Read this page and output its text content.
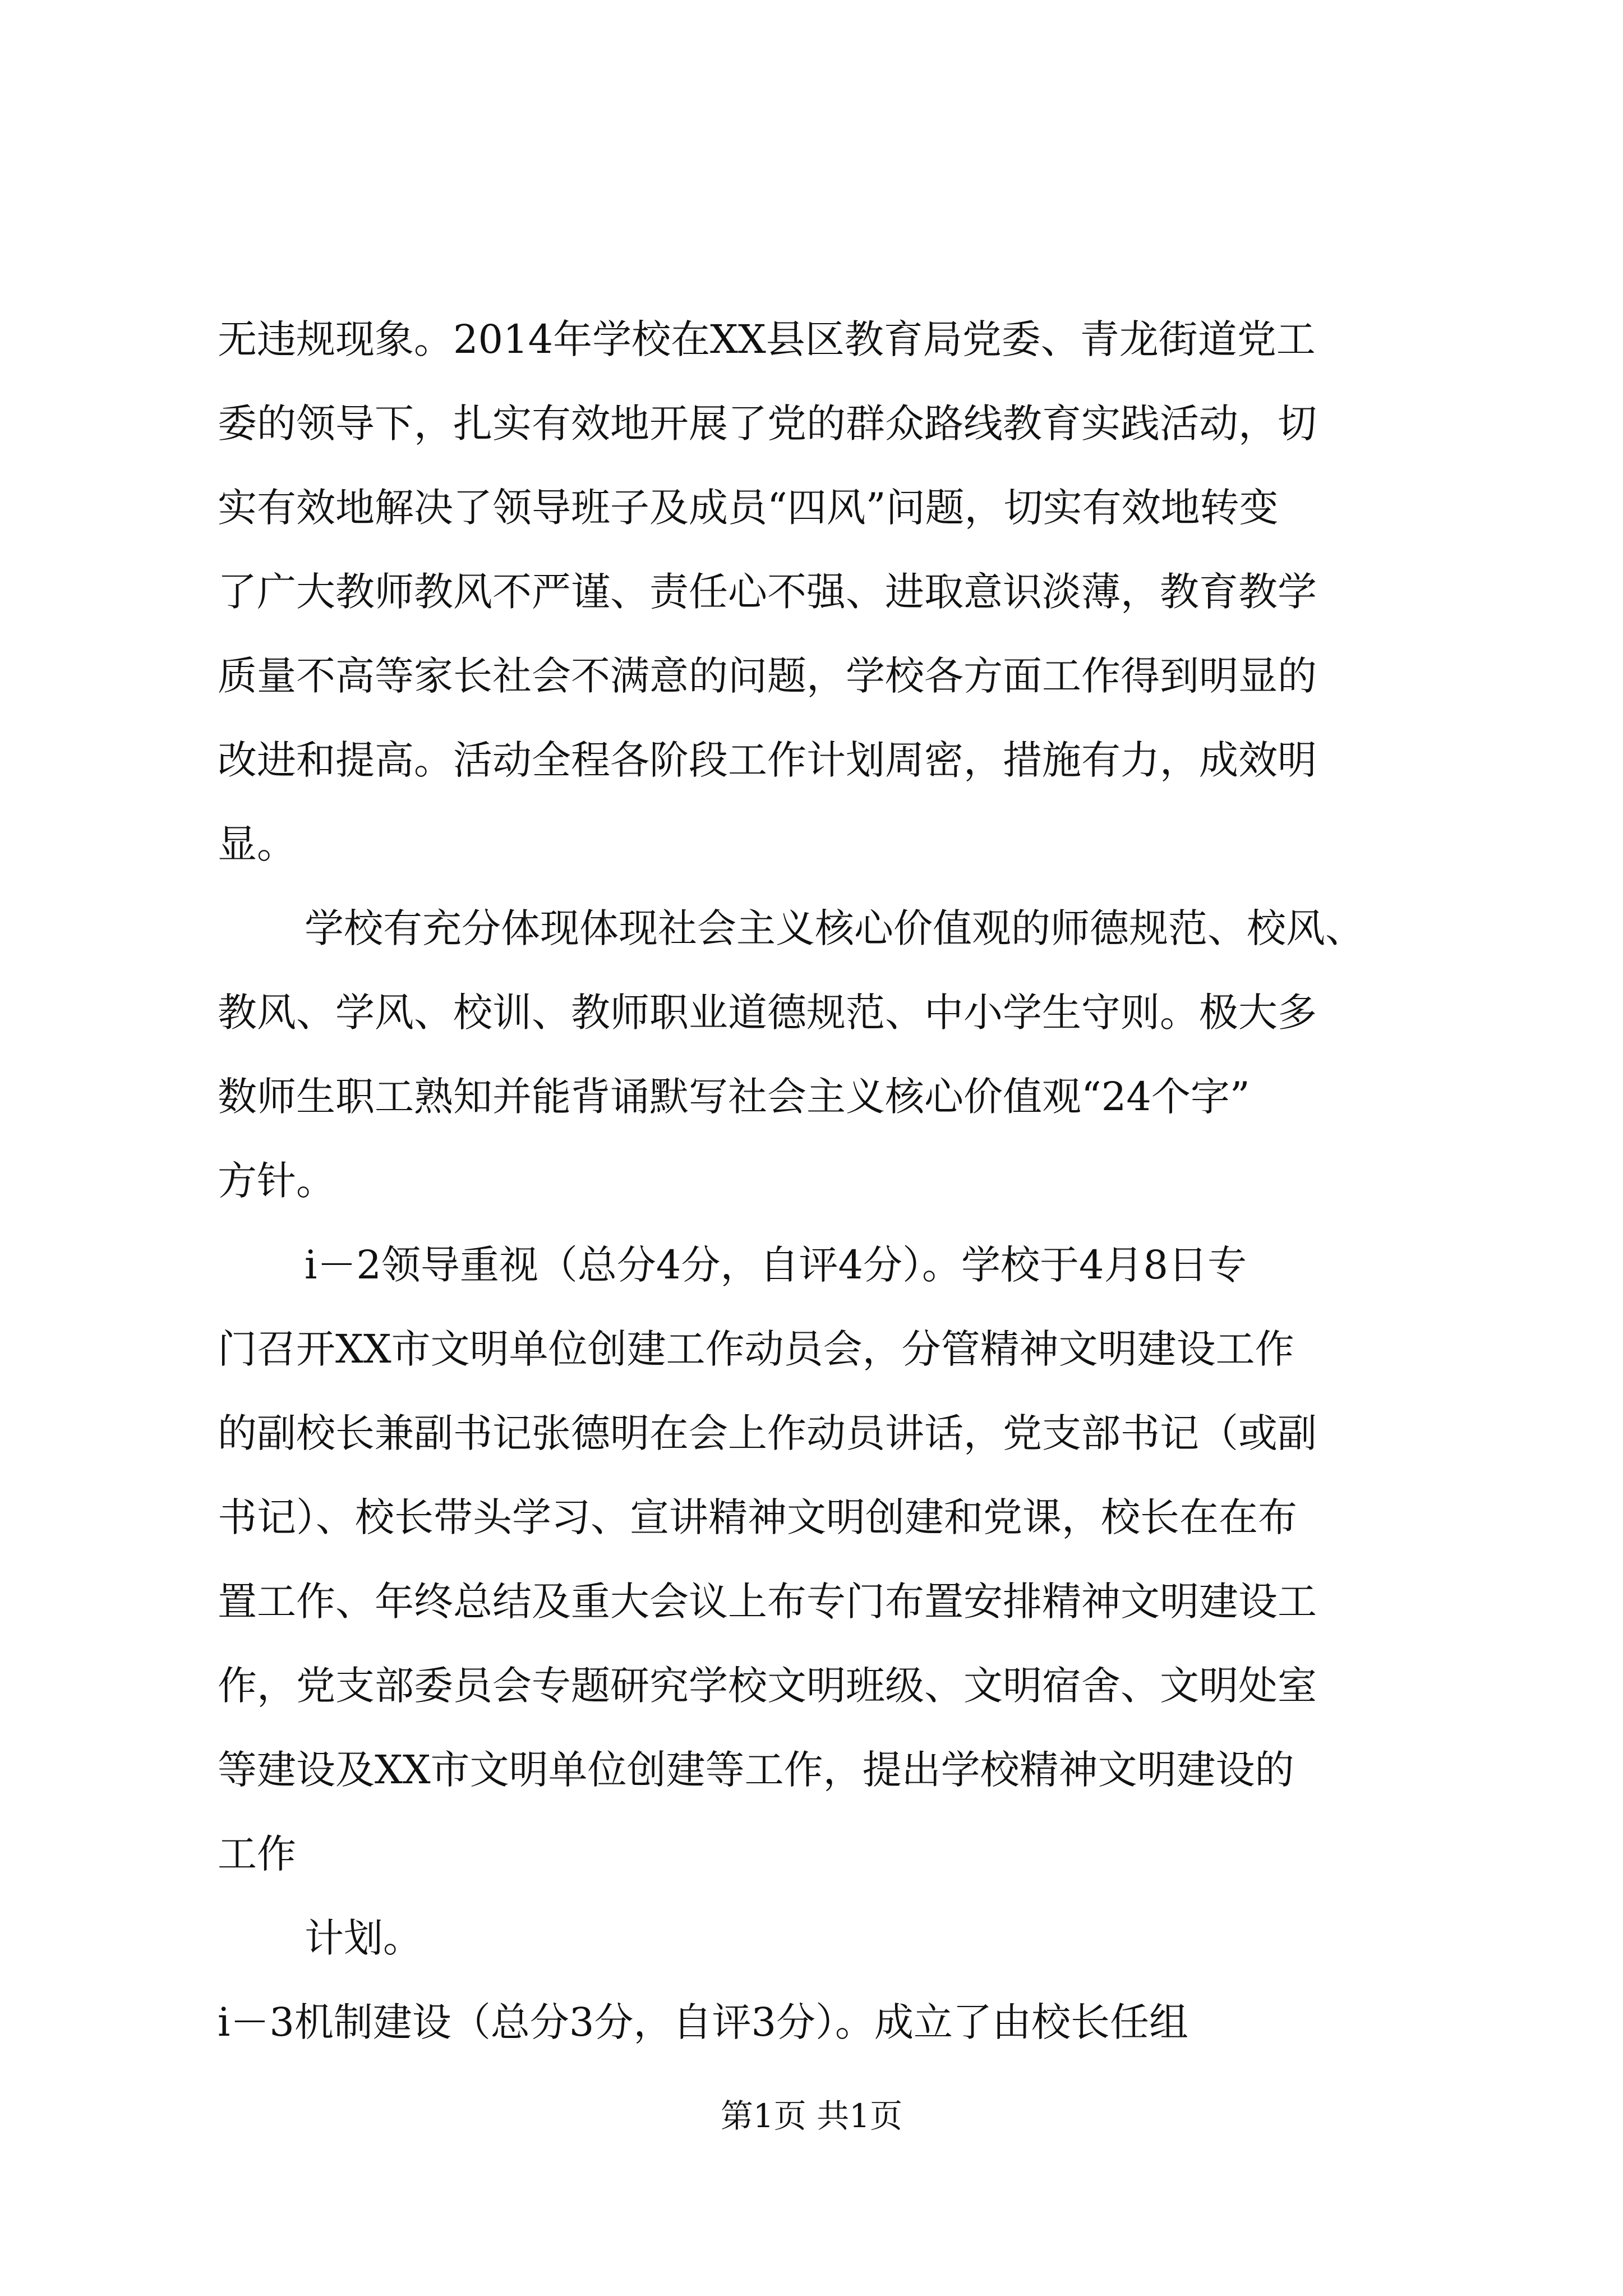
无违规现象。2014年学校在XX县区教育局党委、青龙街道党工
委的领导下，扎实有效地开展了党的群众路线教育实践活动，切
实有效地解决了领导班子及成员“四风”问题，切实有效地转变
了广大教师教风不严谨、责任心不强、进取意识淡薄，教育教学
质量不高等家长社会不满意的问题，学校各方面工作得到明显的
改进和提高。活动全程各阶段工作计划周密，措施有力，成效明
显。
学校有充分体现体现社会主义核心价值观的师德规范、校风、
教风、学风、校训、教师职业道德规范、中小学生守则。极大多
数师生职工熟知并能背诵默写社会主义核心价值观“24个字”
方针。
i－2领导重视（总分4分，自评4分）。学校于4月8日专
门召开XX市文明单位创建工作动员会，分管精神文明建设工作
的副校长兼副书记张德明在会上作动员讲话，党支部书记（或副
书记）、校长带头学习、宣讲精神文明创建和党课，校长在在布
置工作、年终总结及重大会议上布专门布置安排精神文明建设工
作，党支部委员会专题研究学校文明班级、文明宿舍、文明处室
等建设及XX市文明单位创建等工作，提出学校精神文明建设的
工作
计划。
i－3机制建设（总分3分，自评3分）。成立了由校长任组
第1页 共1页
